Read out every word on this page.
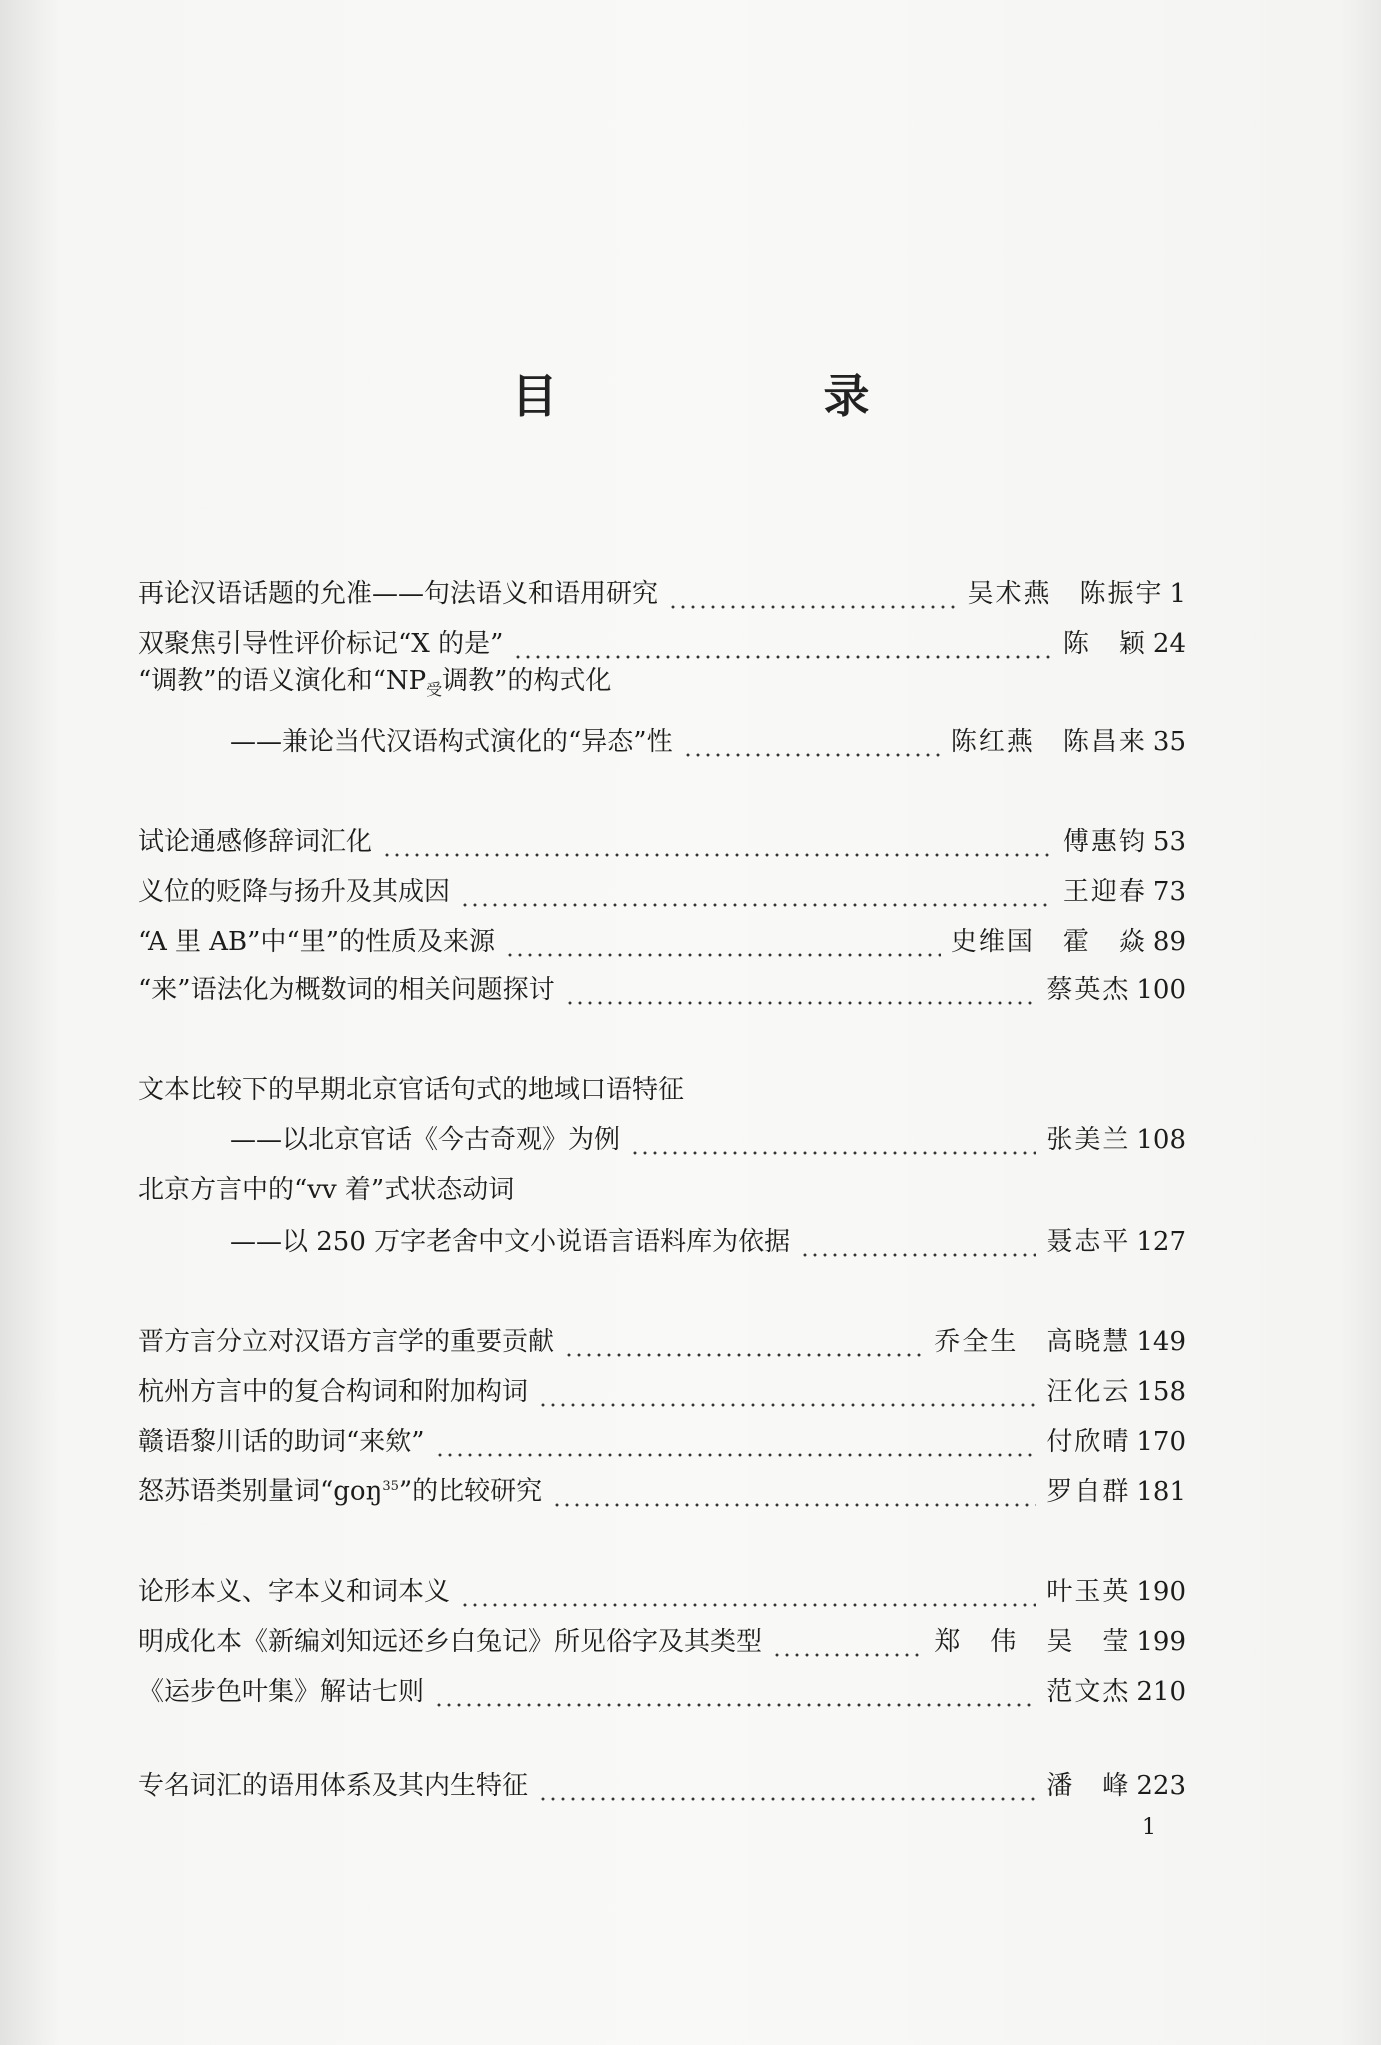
目　录
再论汉语话题的允准——句法语义和语用研究	吴术燕　陈振宇 1
双聚焦引导性评价标记“X 的是”	陈　颖 24
“调教”的语义演化和“$NP_受$调教”的构式化
——兼论当代汉语构式演化的“异态”性	陈红燕　陈昌来 35
试论通感修辞词汇化	傅惠钧 53
义位的贬降与扬升及其成因	王迎春 73
“A 里 AB”中“里”的性质及来源	史维国　霍　焱 89
“来”语法化为概数词的相关问题探讨	蔡英杰 100
文本比较下的早期北京官话句式的地域口语特征
——以北京官话《今古奇观》为例	张美兰 108
北京方言中的“vv 着”式状态动词
——以 250 万字老舍中文小说语言语料库为依据	聂志平 127
晋方言分立对汉语方言学的重要贡献	乔全生　高晓慧 149
杭州方言中的复合构词和附加构词	汪化云 158
赣语黎川话的助词“来欸”	付欣晴 170
怒苏语类别量词“goŋ$^{35}$”的比较研究	罗自群 181
论形本义、字本义和词本义	叶玉英 190
明成化本《新编刘知远还乡白兔记》所见俗字及其类型	郑　伟　吴　莹 199
《运步色叶集》解诂七则	范文杰 210
专名词汇的语用体系及其内生特征	潘　峰 223
1
